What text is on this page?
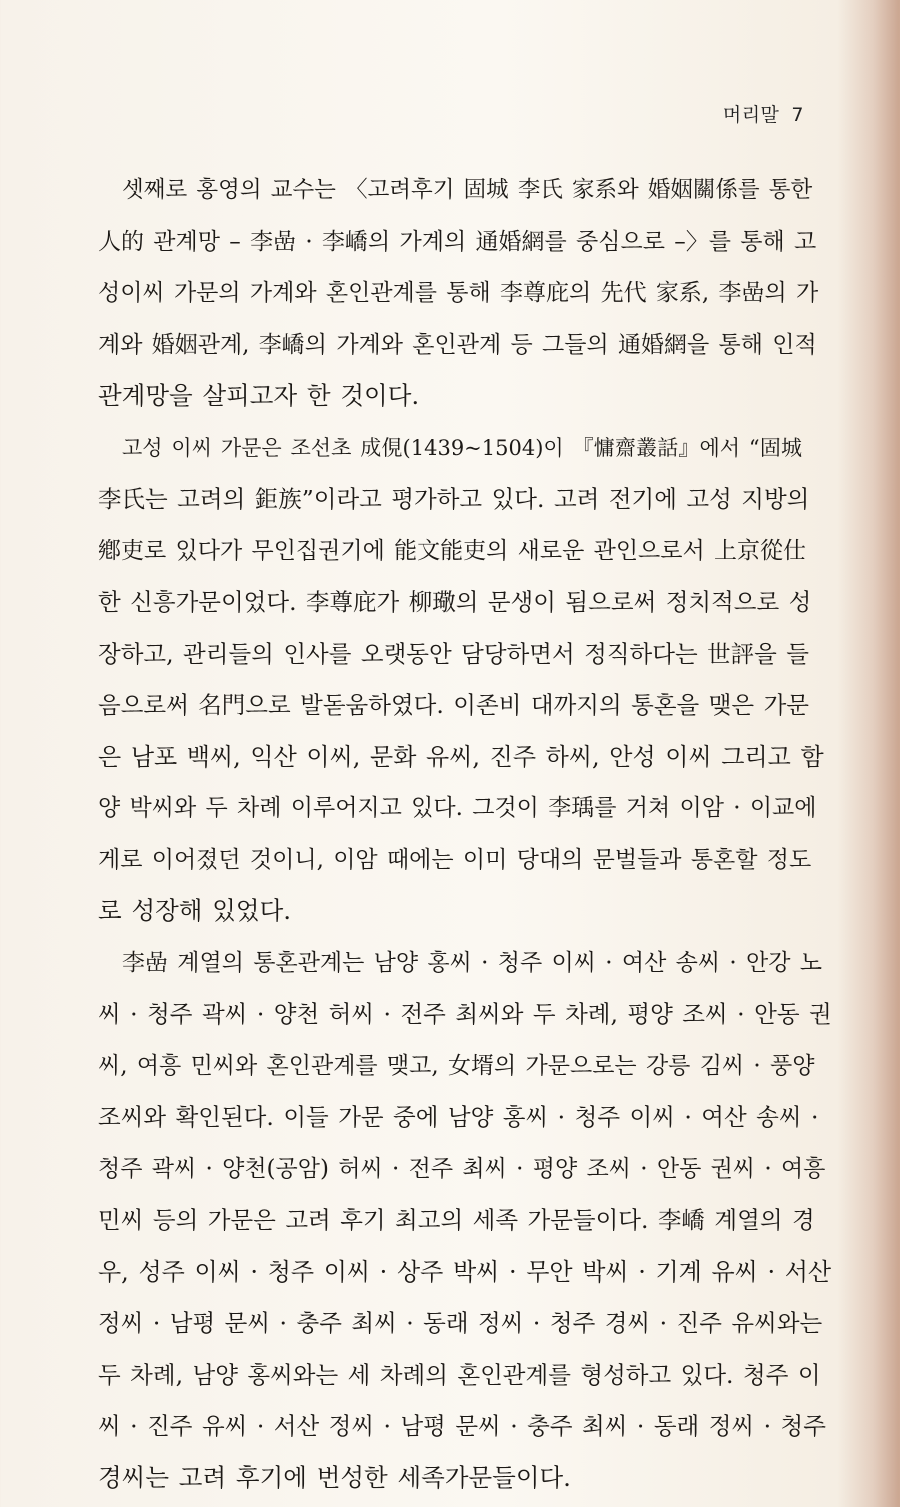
머리말 7
셋째로 홍영의 교수는 〈고려후기 固城 李氏 家系와 婚姻關係를 통한
人的 관계망 – 李嵒 · 李嶠의 가계의 通婚網를 중심으로 –〉를 통해 고
성이씨 가문의 가계와 혼인관계를 통해 李尊庇의 先代 家系, 李嵒의 가
계와 婚姻관계, 李嶠의 가계와 혼인관계 등 그들의 通婚網을 통해 인적
관계망을 살피고자 한 것이다.
고성 이씨 가문은 조선초 成俔(1439~1504)이 『慵齋叢話』에서 “固城
李氏는 고려의 鉅族”이라고 평가하고 있다. 고려 전기에 고성 지방의
鄕吏로 있다가 무인집권기에 能文能吏의 새로운 관인으로서 上京從仕
한 신흥가문이었다. 李尊庇가 柳璥의 문생이 됨으로써 정치적으로 성
장하고, 관리들의 인사를 오랫동안 담당하면서 정직하다는 世評을 들
음으로써 名門으로 발돋움하였다. 이존비 대까지의 통혼을 맺은 가문
은 남포 백씨, 익산 이씨, 문화 유씨, 진주 하씨, 안성 이씨 그리고 함
양 박씨와 두 차례 이루어지고 있다. 그것이 李瑀를 거쳐 이암 · 이교에
게로 이어졌던 것이니, 이암 때에는 이미 당대의 문벌들과 통혼할 정도
로 성장해 있었다.
李嵒 계열의 통혼관계는 남양 홍씨 · 청주 이씨 · 여산 송씨 · 안강 노
씨 · 청주 곽씨 · 양천 허씨 · 전주 최씨와 두 차례, 평양 조씨 · 안동 권
씨, 여흥 민씨와 혼인관계를 맺고, 女壻의 가문으로는 강릉 김씨 · 풍양
조씨와 확인된다. 이들 가문 중에 남양 홍씨 · 청주 이씨 · 여산 송씨 ·
청주 곽씨 · 양천(공암) 허씨 · 전주 최씨 · 평양 조씨 · 안동 권씨 · 여흥
민씨 등의 가문은 고려 후기 최고의 세족 가문들이다. 李嶠 계열의 경
우, 성주 이씨 · 청주 이씨 · 상주 박씨 · 무안 박씨 · 기계 유씨 · 서산
정씨 · 남평 문씨 · 충주 최씨 · 동래 정씨 · 청주 경씨 · 진주 유씨와는
두 차례, 남양 홍씨와는 세 차례의 혼인관계를 형성하고 있다. 청주 이
씨 · 진주 유씨 · 서산 정씨 · 남평 문씨 · 충주 최씨 · 동래 정씨 · 청주
경씨는 고려 후기에 번성한 세족가문들이다.
